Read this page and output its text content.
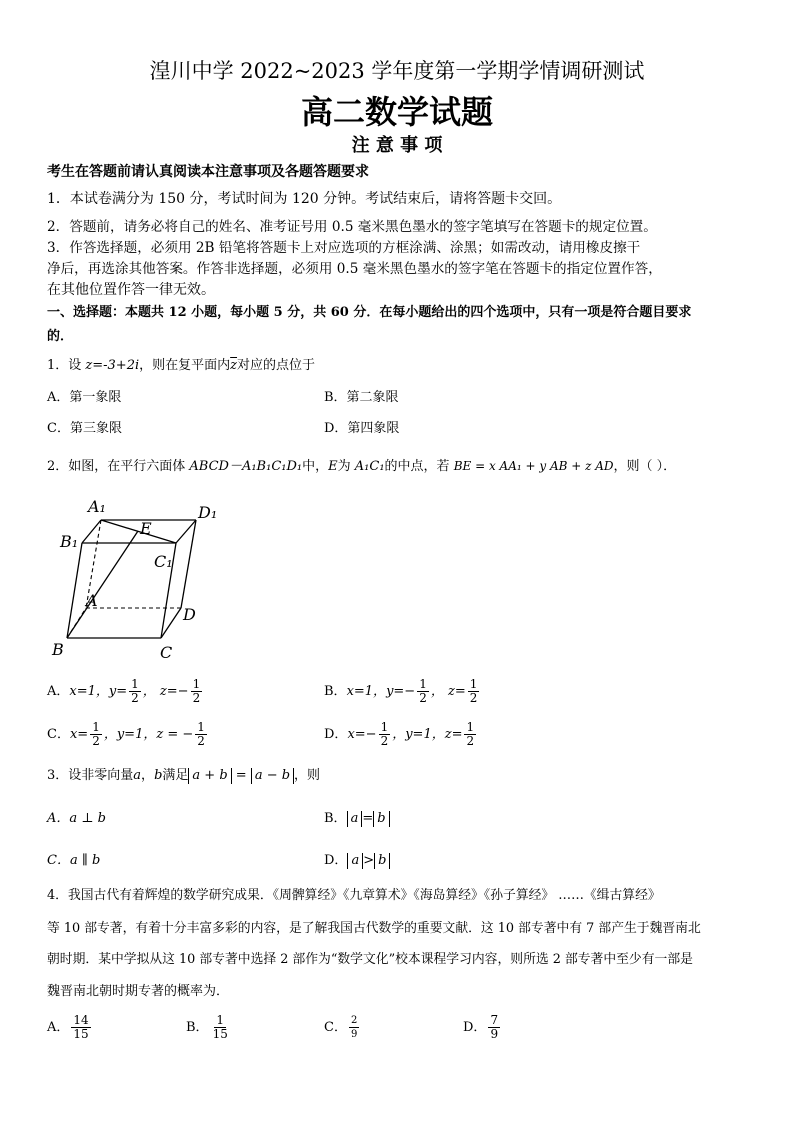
湟川中学 2022~2023 学年度第一学期学情调研测试
高二数学试题
注 意 事 项
考生在答题前请认真阅读本注意事项及各题答题要求
1．本试卷满分为 150 分，考试时间为 120 分钟。考试结束后，请将答题卡交回。
2．答题前，请务必将自己的姓名、准考证号用 0.5 毫米黑色墨水的签字笔填写在答题卡的规定位置。
3．作答选择题，必须用 2B 铅笔将答题卡上对应选项的方框涂满、涂黑；如需改动，请用橡皮擦干
净后，再选涂其他答案。作答非选择题，必须用 0.5 毫米黑色墨水的签字笔在答题卡的指定位置作答，
在其他位置作答一律无效。
一、选择题：本题共 12 小题，每小题 5 分，共 60 分．在每小题给出的四个选项中，只有一项是符合题目要求
的．
1．设 z=-3+2i，则在复平面内$\overline{z}$对应的点位于
A．第一象限	B．第二象限
C．第三象限	D．第四象限
2．如图，在平行六面体 ABCD－A₁B₁C₁D₁中，E为 A₁C₁的中点，若 BE = x AA₁ + y AB + z AD，则（ ）．
A₁	D₁
B₁
E
C₁
A
D
B	C
A．x=1，$y= \frac{1}{2}$ ， $z=- \frac{1}{2}$	B．x=1，$y=- \frac{1}{2}$ ， $z= \frac{1}{2}$
C．$x= \frac{1}{2}$ ，y=1，z = − $\frac{1}{2}$	D．$x=- \frac{1}{2}$ ，y=1，$z= \frac{1}{2}$
3．设非零向量a，b满足 a + b = a − b ，则
A．a ⊥ b	B． a = b
C．a ∥ b	D． a > b
4．我国古代有着辉煌的数学研究成果．《周髀算经》《九章算术》《海岛算经》《孙子算经》 ……《缉古算经》
等 10 部专著，有着十分丰富多彩的内容，是了解我国古代数学的重要文献．这 10 部专著中有 7 部产生于魏晋南北
朝时期．某中学拟从这 10 部专著中选择 2 部作为“数学文化”校本课程学习内容，则所选 2 部专著中至少有一部是
魏晋南北朝时期专著的概率为．
A． $\frac{14}{15}$	B． $\frac{1}{15}$	C． $\frac{2}{9}$	D． $\frac{7}{9}$
